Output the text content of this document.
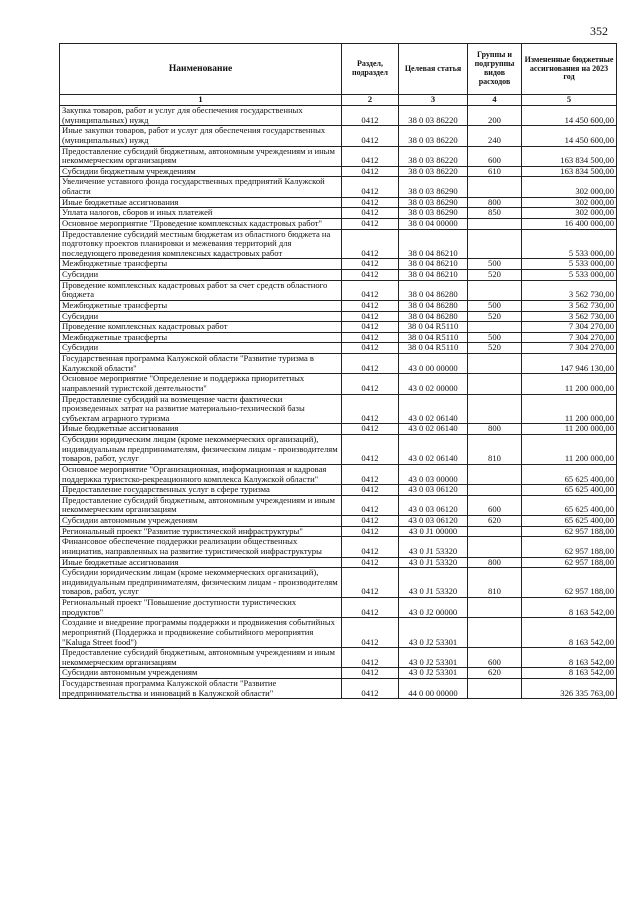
352
Наименование	Раздел, подраздел	Целевая статья	Группы и подгруппы видов расходов	Измененные бюджетные ассигнования на 2023 год
1	2	3	4	5
Закупка товаров, работ и услуг для обеспечения государственных (муниципальных) нужд	0412	38 0 03 86220	200	14 450 600,00
Иные закупки товаров, работ и услуг для обеспечения государственных (муниципальных) нужд	0412	38 0 03 86220	240	14 450 600,00
Предоставление субсидий бюджетным, автономным учреждениям и иным некоммерческим организациям	0412	38 0 03 86220	600	163 834 500,00
Субсидии бюджетным учреждениям	0412	38 0 03 86220	610	163 834 500,00
Увеличение уставного фонда государственных предприятий Калужской области	0412	38 0 03 86290		302 000,00
Иные бюджетные ассигнования	0412	38 0 03 86290	800	302 000,00
Уплата налогов, сборов и иных платежей	0412	38 0 03 86290	850	302 000,00
Основное мероприятие "Проведение комплексных кадастровых работ"	0412	38 0 04 00000		16 400 000,00
Предоставление субсидий местным бюджетам из областного бюджета на подготовку проектов планировки и межевания территорий для последующего проведения комплексных кадастровых работ	0412	38 0 04 86210		5 533 000,00
Межбюджетные трансферты	0412	38 0 04 86210	500	5 533 000,00
Субсидии	0412	38 0 04 86210	520	5 533 000,00
Проведение комплексных кадастровых работ за счет средств областного бюджета	0412	38 0 04 86280		3 562 730,00
Межбюджетные трансферты	0412	38 0 04 86280	500	3 562 730,00
Субсидии	0412	38 0 04 86280	520	3 562 730,00
Проведение комплексных кадастровых работ	0412	38 0 04 R5110		7 304 270,00
Межбюджетные трансферты	0412	38 0 04 R5110	500	7 304 270,00
Субсидии	0412	38 0 04 R5110	520	7 304 270,00
Государственная программа Калужской области "Развитие туризма в Калужской области"	0412	43 0 00 00000		147 946 130,00
Основное мероприятие "Определение и поддержка приоритетных направлений туристской деятельности"	0412	43 0 02 00000		11 200 000,00
Предоставление субсидий на возмещение части фактически произведенных затрат на развитие материально-технической базы субъектам аграрного туризма	0412	43 0 02 06140		11 200 000,00
Иные бюджетные ассигнования	0412	43 0 02 06140	800	11 200 000,00
Субсидии юридическим лицам (кроме некоммерческих организаций), индивидуальным предпринимателям, физическим лицам - производителям товаров, работ, услуг	0412	43 0 02 06140	810	11 200 000,00
Основное мероприятие "Организационная, информационная и кадровая поддержка туристско-рекреационного комплекса Калужской области"	0412	43 0 03 00000		65 625 400,00
Предоставление государственных услуг в сфере туризма	0412	43 0 03 06120		65 625 400,00
Предоставление субсидий бюджетным, автономным учреждениям и иным некоммерческим организациям	0412	43 0 03 06120	600	65 625 400,00
Субсидии автономным учреждениям	0412	43 0 03 06120	620	65 625 400,00
Региональный проект "Развитие туристической инфраструктуры"	0412	43 0 J1 00000		62 957 188,00
Финансовое обеспечение поддержки реализации общественных инициатив, направленных на развитие туристической инфраструктуры	0412	43 0 J1 53320		62 957 188,00
Иные бюджетные ассигнования	0412	43 0 J1 53320	800	62 957 188,00
Субсидии юридическим лицам (кроме некоммерческих организаций), индивидуальным предпринимателям, физическим лицам - производителям товаров, работ, услуг	0412	43 0 J1 53320	810	62 957 188,00
Региональный проект "Повышение доступности туристических продуктов"	0412	43 0 J2 00000		8 163 542,00
Создание и внедрение программы поддержки и продвижения событийных мероприятий (Поддержка и продвижение событийного мероприятия "Kaluga Street food")	0412	43 0 J2 53301		8 163 542,00
Предоставление субсидий бюджетным, автономным учреждениям и иным некоммерческим организациям	0412	43 0 J2 53301	600	8 163 542,00
Субсидии автономным учреждениям	0412	43 0 J2 53301	620	8 163 542,00
Государственная программа Калужской области "Развитие предпринимательства и инноваций в Калужской области"	0412	44 0 00 00000		326 335 763,00
